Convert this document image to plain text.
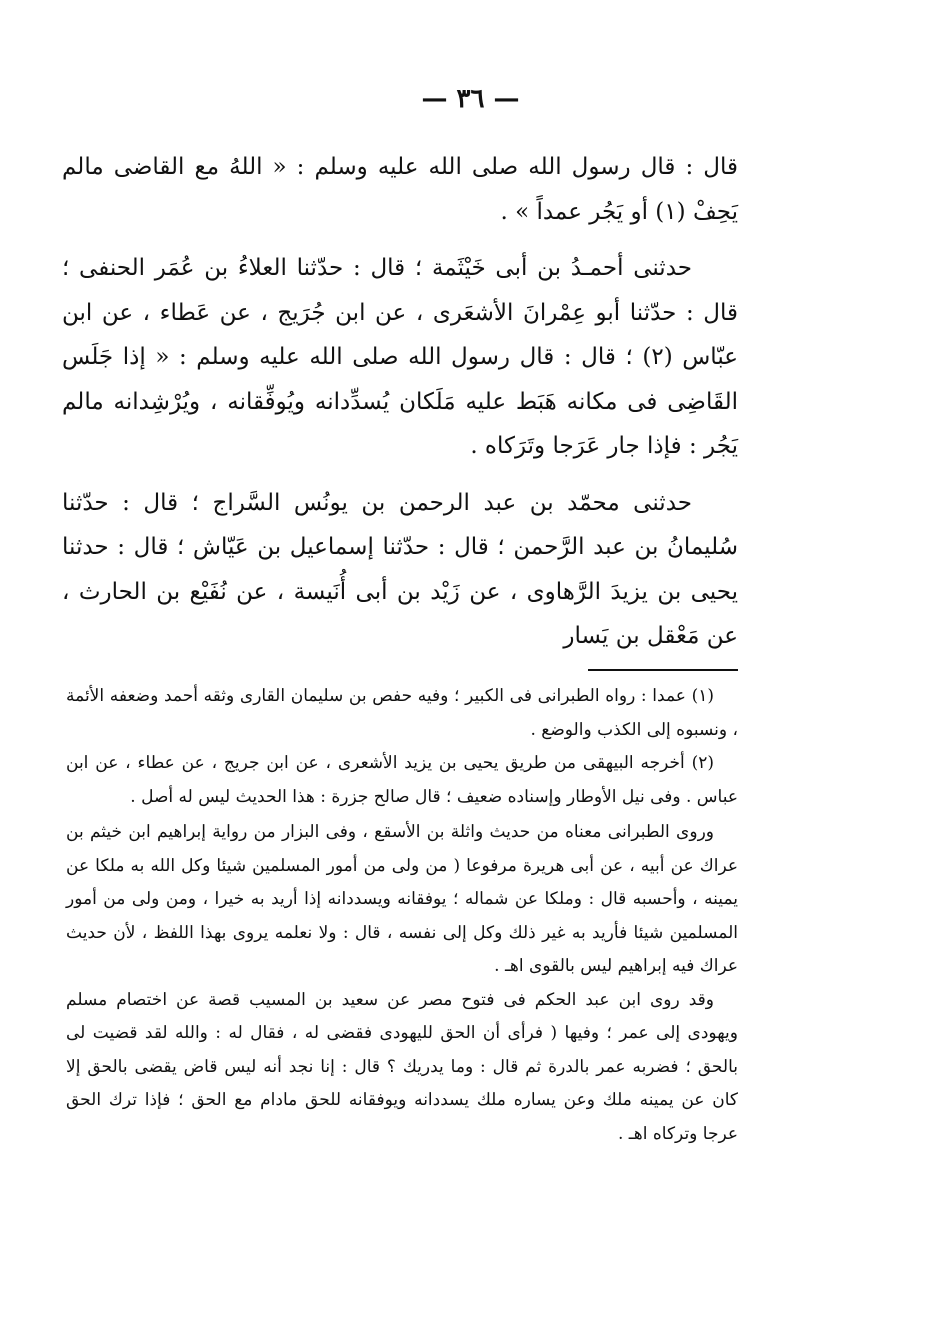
— ٣٦ —

قال : قال رسول الله صلى الله عليه وسلم : « اللهُ مع القاضى مالم يَحِفْ (١) أو يَجُر عمداً » .

حدثنى أحمـدُ بن أبى خَيْثَمة ؛ قال : حدّثنا العلاءُ بن عُمَر الحنفى ؛ قال : حدّثنا أبو عِمْرانَ الأشعَرى ، عن ابن جُرَيج ، عن عَطاء ، عن ابن عبّاس (٢) ؛ قال : قال رسول الله صلى الله عليه وسلم : « إذا جَلَس القَاضِى فى مكانه هَبَط عليه مَلَكان يُسدِّدانه ويُوفِّقانه ، ويُرْشِدانه مالم يَجُر : فإذا جار عَرَجا وتَرَكاه .

حدثنى محمّد بن عبد الرحمن بن يونُس السَّراج ؛ قال : حدّثنا سُليمانُ بن عبد الرَّحمن ؛ قال : حدّثنا إسماعيل بن عَيّاش ؛ قال : حدثنا يحيى بن يزيدَ الرَّهاوى ، عن زَيْد بن أبى أُنَيسة ، عن نُفَيْع بن الحارث ، عن مَعْقل بن يَسار

(١) عمدا : رواه الطبرانى فى الكبير ؛ وفيه حفص بن سليمان القارى وثقه أحمد وضعفه الأئمة ، ونسبوه إلى الكذب والوضع .

(٢) أخرجه البيهقى من طريق يحيى بن يزيد الأشعرى ، عن ابن جريج ، عن عطاء ، عن ابن عباس . وفى نيل الأوطار وإسناده ضعيف ؛ قال صالح جزرة : هذا الحديث ليس له أصل .

وروى الطبرانى معناه من حديث واثلة بن الأسقع ، وفى البزار من رواية إبراهيم ابن خيثم بن عراك عن أبيه ، عن أبى هريرة مرفوعا ( من ولى من أمور المسلمين شيئا وكل الله به ملكا عن يمينه ، وأحسبه قال : وملكا عن شماله ؛ يوفقانه ويسددانه إذا أريد به خيرا ، ومن ولى من أمور المسلمين شيئا فأريد به غير ذلك وكل إلى نفسه ، قال : ولا نعلمه يروى بهذا اللفظ ، لأن حديث عراك فيه إبراهيم ليس بالقوى اهـ .

وقد روى ابن عبد الحكم فى فتوح مصر عن سعيد بن المسيب قصة عن اختصام مسلم ويهودى إلى عمر ؛ وفيها ( فرأى أن الحق لليهودى فقضى له ، فقال له : والله لقد قضيت لى بالحق ؛ فضربه عمر بالدرة ثم قال : وما يدريك ؟ قال : إنا نجد أنه ليس قاض يقضى بالحق إلا كان عن يمينه ملك وعن يساره ملك يسددانه ويوفقانه للحق مادام مع الحق ؛ فإذا ترك الحق عرجا وتركاه اهـ .
